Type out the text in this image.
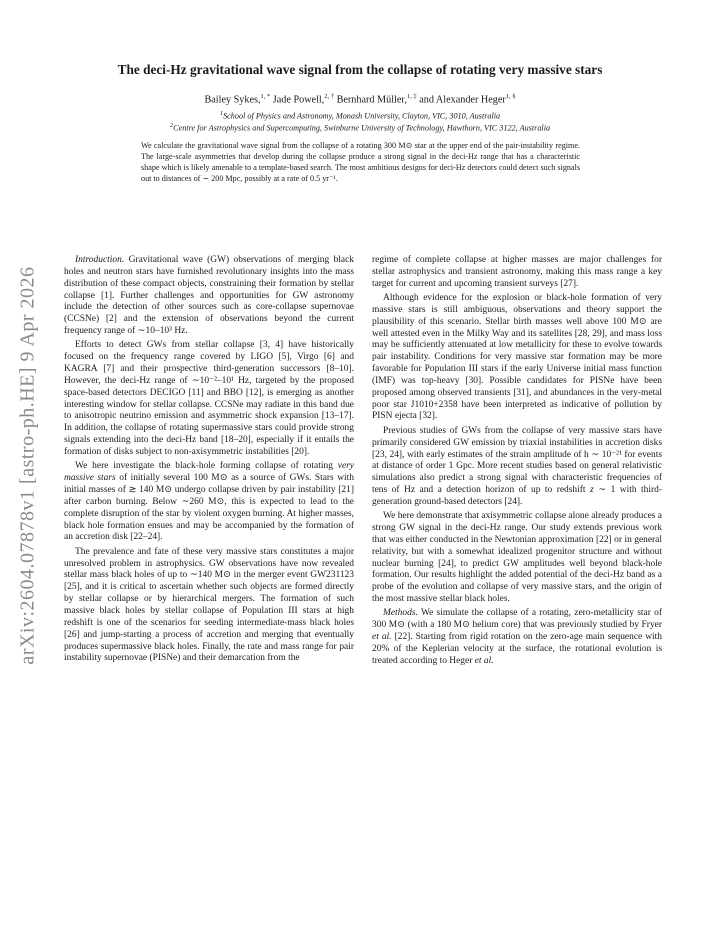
arXiv:2604.07878v1 [astro-ph.HE] 9 Apr 2026
The deci-Hz gravitational wave signal from the collapse of rotating very massive stars

Bailey Sykes,$^{1, *}$ Jade Powell,$^{2, \dagger}$ Bernhard Müller,$^{1, \ddagger}$ and Alexander Heger$^{1, \S}$

$^1$School of Physics and Astronomy, Monash University, Clayton, VIC, 3010, Australia

$^2$Centre for Astrophysics and Supercomputing, Swinburne University of Technology, Hawthorn, VIC 3122, Australia

We calculate the gravitational wave signal from the collapse of a rotating 300 M⊙ star at the upper end of the pair-instability regime. The large-scale asymmetries that develop during the collapse produce a strong signal in the deci-Hz range that has a characteristic shape which is likely amenable to a template-based search. The most ambitious designs for deci-Hz detectors could detect such signals out to distances of ∼ 200 Mpc, possibly at a rate of 0.5 yr⁻¹.

Introduction. Gravitational wave (GW) observations of merging black holes and neutron stars have furnished revolutionary insights into the mass distribution of these compact objects, constraining their formation by stellar collapse [1]. Further challenges and opportunities for GW astronomy include the detection of other sources such as core-collapse supernovae (CCSNe) [2] and the extension of observations beyond the current frequency range of ∼10–10³ Hz.

Efforts to detect GWs from stellar collapse [3, 4] have historically focused on the frequency range covered by LIGO [5], Virgo [6] and KAGRA [7] and their prospective third-generation successors [8–10]. However, the deci-Hz range of ∼10⁻²–10¹ Hz, targeted by the proposed space-based detectors DECIGO [11] and BBO [12], is emerging as another interesting window for stellar collapse. CCSNe may radiate in this band due to anisotropic neutrino emission and asymmetric shock expansion [13–17]. In addition, the collapse of rotating supermassive stars could provide strong signals extending into the deci-Hz band [18–20], especially if it entails the formation of disks subject to non-axisymmetric instabilities [20].

We here investigate the black-hole forming collapse of rotating very massive stars of initially several 100 M⊙ as a source of GWs. Stars with initial masses of ≳ 140 M⊙ undergo collapse driven by pair instability [21] after carbon burning. Below ∼260 M⊙, this is expected to lead to the complete disruption of the star by violent oxygen burning. At higher masses, black hole formation ensues and may be accompanied by the formation of an accretion disk [22–24].

The prevalence and fate of these very massive stars constitutes a major unresolved problem in astrophysics. GW observations have now revealed stellar mass black holes of up to ∼140 M⊙ in the merger event GW231123 [25], and it is critical to ascertain whether such objects are formed directly by stellar collapse or by hierarchical mergers. The formation of such massive black holes by stellar collapse of Population III stars at high redshift is one of the scenarios for seeding intermediate-mass black holes [26] and jump-starting a process of accretion and merging that eventually produces supermassive black holes. Finally, the rate and mass range for pair instability supernovae (PISNe) and their demarcation from the

regime of complete collapse at higher masses are major challenges for stellar astrophysics and transient astronomy, making this mass range a key target for current and upcoming transient surveys [27].

Although evidence for the explosion or black-hole formation of very massive stars is still ambiguous, observations and theory support the plausibility of this scenario. Stellar birth masses well above 100 M⊙ are well attested even in the Milky Way and its satellites [28, 29], and mass loss may be sufficiently attenuated at low metallicity for these to evolve towards pair instability. Conditions for very massive star formation may be more favorable for Population III stars if the early Universe initial mass function (IMF) was top-heavy [30]. Possible candidates for PISNe have been proposed among observed transients [31], and abundances in the very-metal poor star J1010+2358 have been interpreted as indicative of pollution by PISN ejecta [32].

Previous studies of GWs from the collapse of very massive stars have primarily considered GW emission by triaxial instabilities in accretion disks [23, 24], with early estimates of the strain amplitude of h ∼ 10⁻²¹ for events at distance of order 1 Gpc. More recent studies based on general relativistic simulations also predict a strong signal with characteristic frequencies of tens of Hz and a detection horizon of up to redshift z ∼ 1 with third-generation ground-based detectors [24].

We here demonstrate that axisymmetric collapse alone already produces a strong GW signal in the deci-Hz range. Our study extends previous work that was either conducted in the Newtonian approximation [22] or in general relativity, but with a somewhat idealized progenitor structure and without nuclear burning [24], to predict GW amplitudes well beyond black-hole formation. Our results highlight the added potential of the deci-Hz band as a probe of the evolution and collapse of very massive stars, and the origin of the most massive stellar black holes.

Methods. We simulate the collapse of a rotating, zero-metallicity star of 300 M⊙ (with a 180 M⊙ helium core) that was previously studied by Fryer et al. [22]. Starting from rigid rotation on the zero-age main sequence with 20% of the Keplerian velocity at the surface, the rotational evolution is treated according to Heger et al.
